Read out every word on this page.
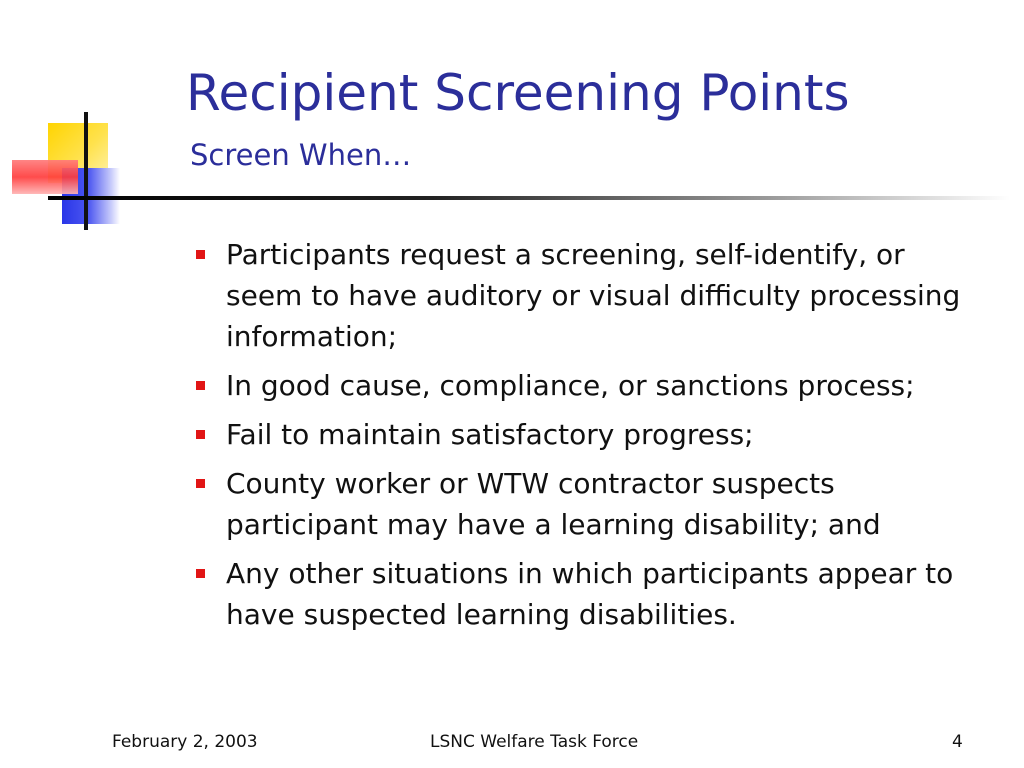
Recipient Screening Points
Screen When…
Participants request a screening, self-identify, or seem to have auditory or visual difficulty processing information;
In good cause, compliance, or sanctions process;
Fail to maintain satisfactory progress;
County worker or WTW contractor suspects participant may have a learning disability; and
Any other situations in which participants appear to have suspected learning disabilities.
February 2, 2003	LSNC Welfare Task Force	4
